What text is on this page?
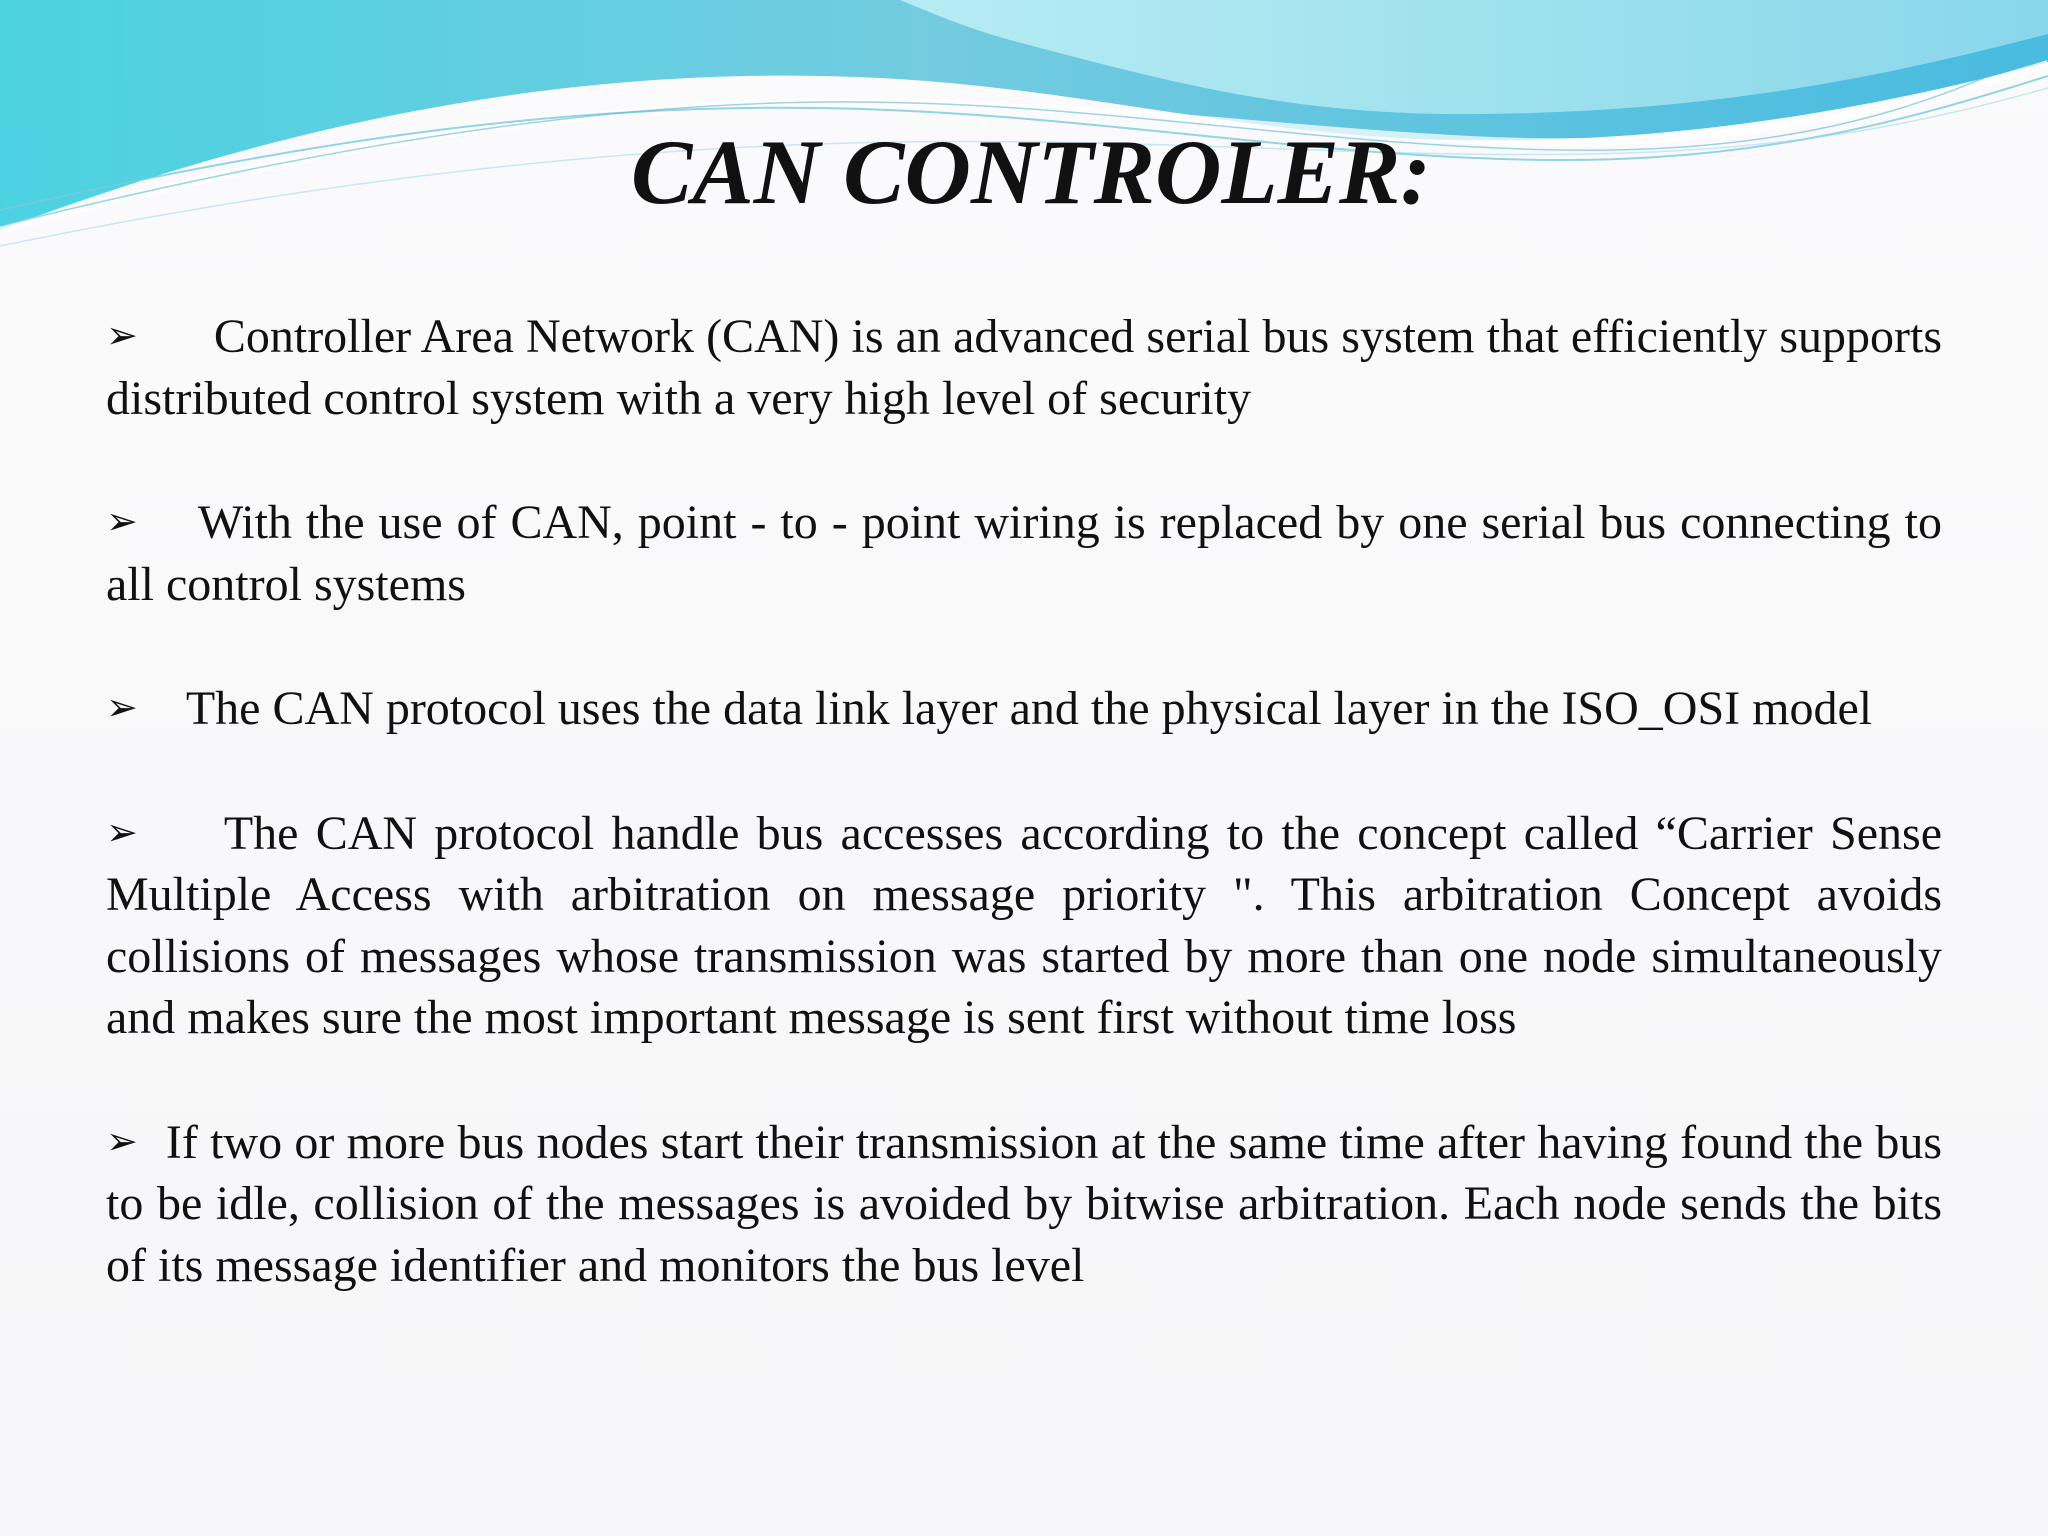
CAN CONTROLER:

➢ Controller Area Network (CAN) is an advanced serial bus system that efficiently supports distributed control system with a very high level of security

➢ With the use of CAN, point - to - point wiring is replaced by one serial bus connecting to all control systems

➢ The CAN protocol uses the data link layer and the physical layer in the ISO_OSI model

➢ The CAN protocol handle bus accesses according to the concept called “Carrier Sense Multiple Access with arbitration on message priority ". This arbitration Concept avoids collisions of messages whose transmission was started by more than one node simultaneously and makes sure the most important message is sent first without time loss

➢ If two or more bus nodes start their transmission at the same time after having found the bus to be idle, collision of the messages is avoided by bitwise arbitration. Each node sends the bits of its message identifier and monitors the bus level
